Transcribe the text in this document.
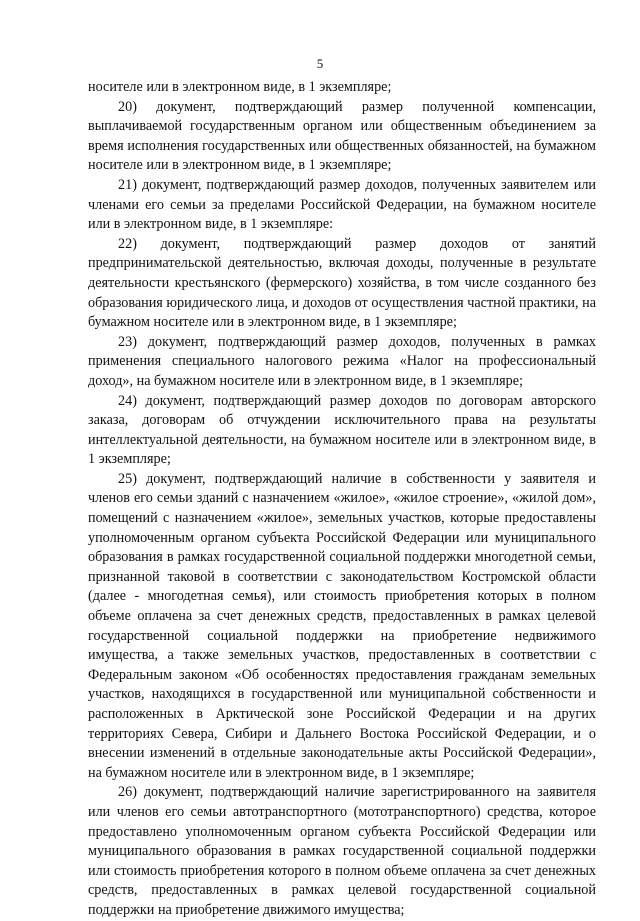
5

носителе или в электронном виде, в 1 экземпляре;

20) документ, подтверждающий размер полученной компенсации, выплачиваемой государственным органом или общественным объединением за время исполнения государственных или общественных обязанностей, на бумажном носителе или в электронном виде, в 1 экземпляре;

21) документ, подтверждающий размер доходов, полученных заявителем или членами его семьи за пределами Российской Федерации, на бумажном носителе или в электронном виде, в 1 экземпляре:

22) документ, подтверждающий размер доходов от занятий предпринимательской деятельностью, включая доходы, полученные в результате деятельности крестьянского (фермерского) хозяйства, в том числе созданного без образования юридического лица, и доходов от осуществления частной практики, на бумажном носителе или в электронном виде, в 1 экземпляре;

23) документ, подтверждающий размер доходов, полученных в рамках применения специального налогового режима «Налог на профессиональный доход», на бумажном носителе или в электронном виде, в 1 экземпляре;

24) документ, подтверждающий размер доходов по договорам авторского заказа, договорам об отчуждении исключительного права на результаты интеллектуальной деятельности, на бумажном носителе или в электронном виде, в 1 экземпляре;

25) документ, подтверждающий наличие в собственности у заявителя и членов его семьи зданий с назначением «жилое», «жилое строение», «жилой дом», помещений с назначением «жилое», земельных участков, которые предоставлены уполномоченным органом субъекта Российской Федерации или муниципального образования в рамках государственной социальной поддержки многодетной семьи, признанной таковой в соответствии с законодательством Костромской области (далее - многодетная семья), или стоимость приобретения которых в полном объеме оплачена за счет денежных средств, предоставленных в рамках целевой государственной социальной поддержки на приобретение недвижимого имущества, а также земельных участков, предоставленных в соответствии с Федеральным законом «Об особенностях предоставления гражданам земельных участков, находящихся в государственной или муниципальной собственности и расположенных в Арктической зоне Российской Федерации и на других территориях Севера, Сибири и Дальнего Востока Российской Федерации, и о внесении изменений в отдельные законодательные акты Российской Федерации», на бумажном носителе или в электронном виде, в 1 экземпляре;

26) документ, подтверждающий наличие зарегистрированного на заявителя или членов его семьи автотранспортного (мототранспортного) средства, которое предоставлено уполномоченным органом субъекта Российской Федерации или муниципального образования в рамках государственной социальной поддержки или стоимость приобретения которого в полном объеме оплачена за счет денежных средств, предоставленных в рамках целевой государственной социальной поддержки на приобретение движимого имущества;
